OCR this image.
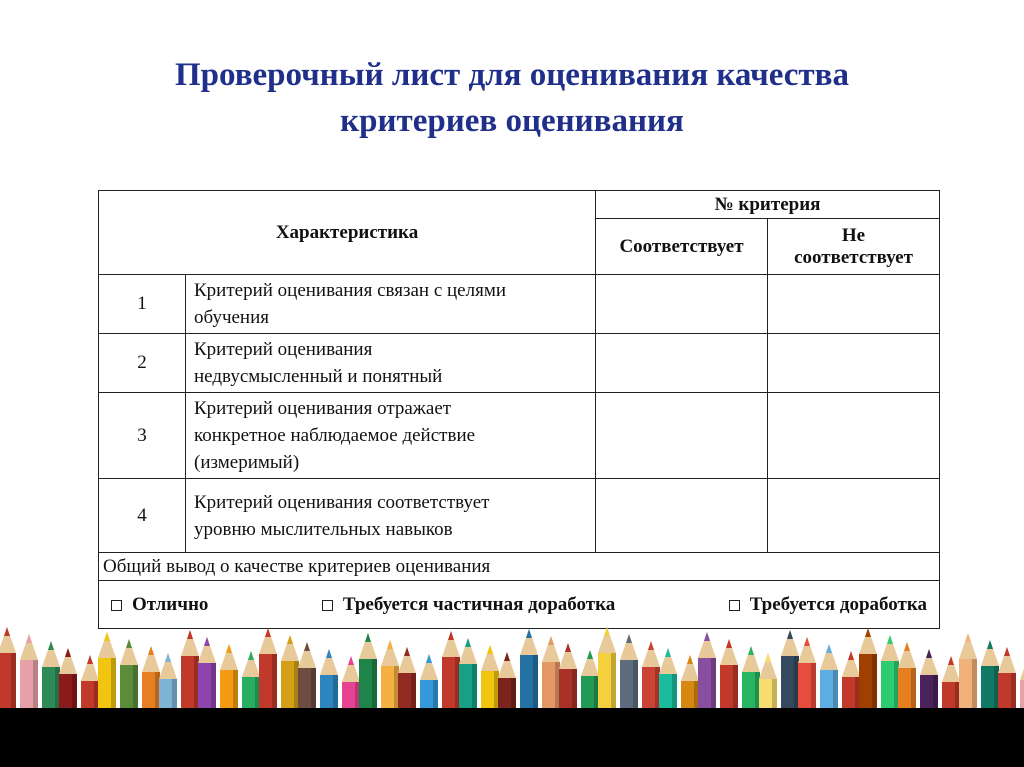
Проверочный лист для оценивания качества
критериев оценивания
Характеристика		№ критерия	
		Соответствует	Не
соответствует

1	Критерий оценивания связан с целями
обучения		

2	Критерий оценивания
недвусмысленный и понятный		

3	Критерий оценивания отражает
конкретное наблюдаемое действие
(измеримый)		

4	Критерий оценивания соответствует
уровню мыслительных навыков		

Общий вывод о качестве критериев оценивания			

Отлично Требуется частичная доработка Требуется доработка			
